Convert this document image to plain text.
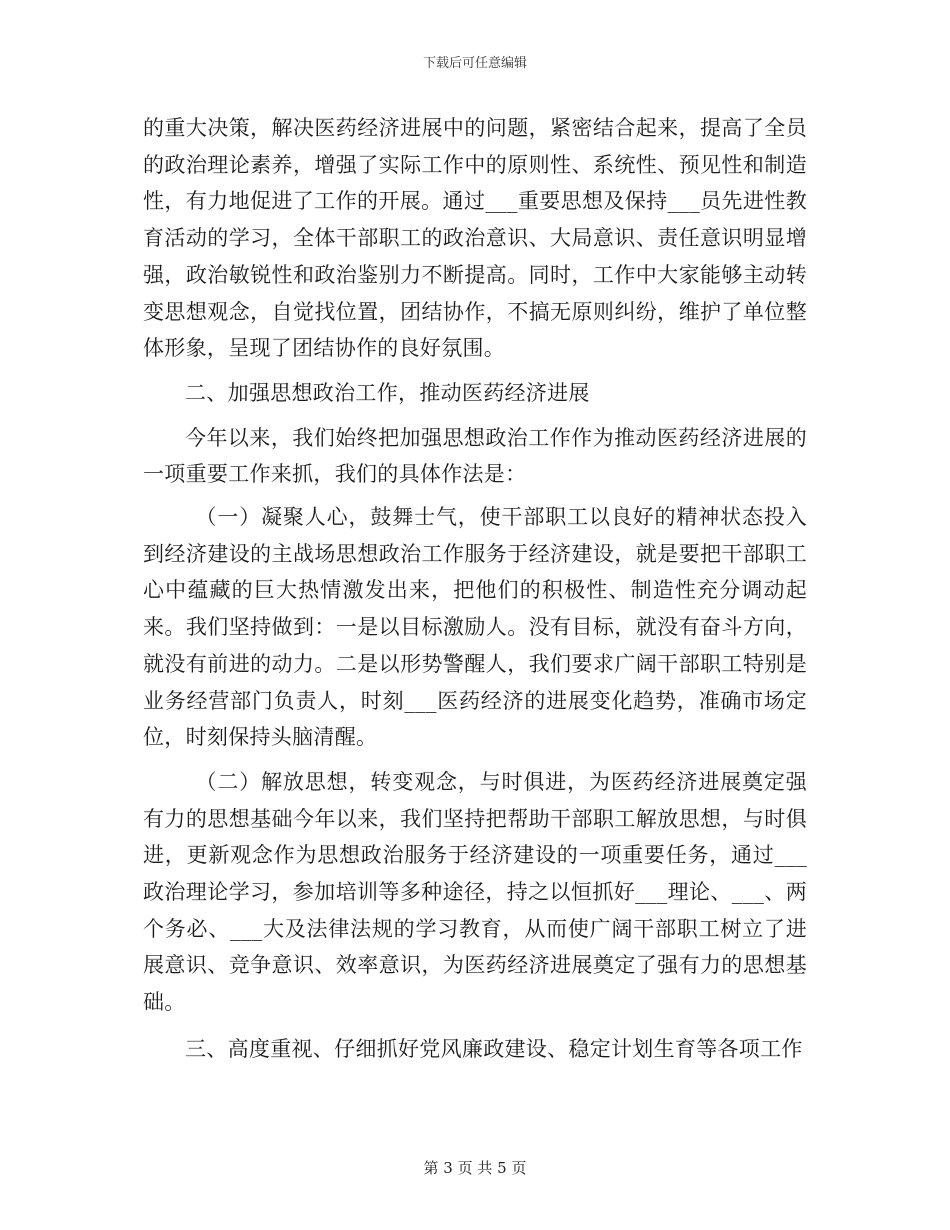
下载后可任意编辑

的重大决策，解决医药经济进展中的问题，紧密结合起来，提高了全员的政治理论素养，增强了实际工作中的原则性、系统性、预见性和制造性，有力地促进了工作的开展。通过___重要思想及保持___员先进性教育活动的学习，全体干部职工的政治意识、大局意识、责任意识明显增强，政治敏锐性和政治鉴别力不断提高。同时，工作中大家能够主动转变思想观念，自觉找位置，团结协作，不搞无原则纠纷，维护了单位整体形象，呈现了团结协作的良好氛围。

二、加强思想政治工作，推动医药经济进展

今年以来，我们始终把加强思想政治工作作为推动医药经济进展的一项重要工作来抓，我们的具体作法是：

（一）凝聚人心，鼓舞士气，使干部职工以良好的精神状态投入到经济建设的主战场思想政治工作服务于经济建设，就是要把干部职工心中蕴藏的巨大热情激发出来，把他们的积极性、制造性充分调动起来。我们坚持做到：一是以目标激励人。没有目标，就没有奋斗方向，就没有前进的动力。二是以形势警醒人，我们要求广阔干部职工特别是业务经营部门负责人，时刻___医药经济的进展变化趋势，准确市场定位，时刻保持头脑清醒。

（二）解放思想，转变观念，与时俱进，为医药经济进展奠定强有力的思想基础今年以来，我们坚持把帮助干部职工解放思想，与时俱进，更新观念作为思想政治服务于经济建设的一项重要任务，通过___政治理论学习，参加培训等多种途径，持之以恒抓好___理论、___、两个务必、___大及法律法规的学习教育，从而使广阔干部职工树立了进展意识、竞争意识、效率意识，为医药经济进展奠定了强有力的思想基础。

三、高度重视、仔细抓好党风廉政建设、稳定计划生育等各项工作

第 3 页 共 5 页
